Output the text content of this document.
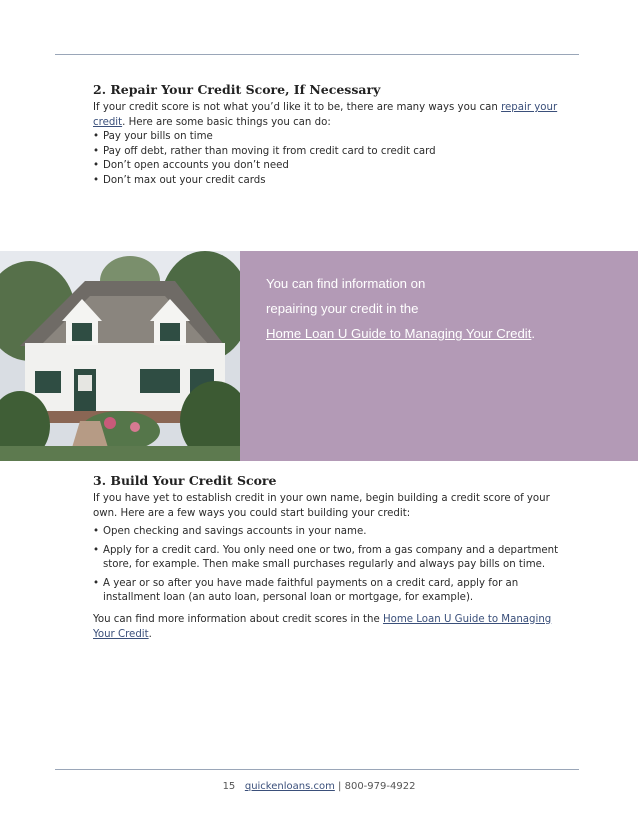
2. Repair Your Credit Score, If Necessary

If your credit score is not what you’d like it to be, there are many ways you can repair your credit. Here are some basic things you can do:

• Pay your bills on time
• Pay off debt, rather than moving it from credit card to credit card
• Don’t open accounts you don’t need
• Don’t max out your credit cards
You can find information on
repairing your credit in the
Home Loan U Guide to Managing Your Credit.
3. Build Your Credit Score

If you have yet to establish credit in your own name, begin building a credit score of your own. Here are a few ways you could start building your credit:

• Open checking and savings accounts in your name.
• Apply for a credit card. You only need one or two, from a gas company and a department store, for example. Then make small purchases regularly and always pay bills on time.
• A year or so after you have made faithful payments on a credit card, apply for an installment loan (an auto loan, personal loan or mortgage, for example).

You can find more information about credit scores in the Home Loan U Guide to Managing Your Credit.

15 quickenloans.com | 800-979-4922
